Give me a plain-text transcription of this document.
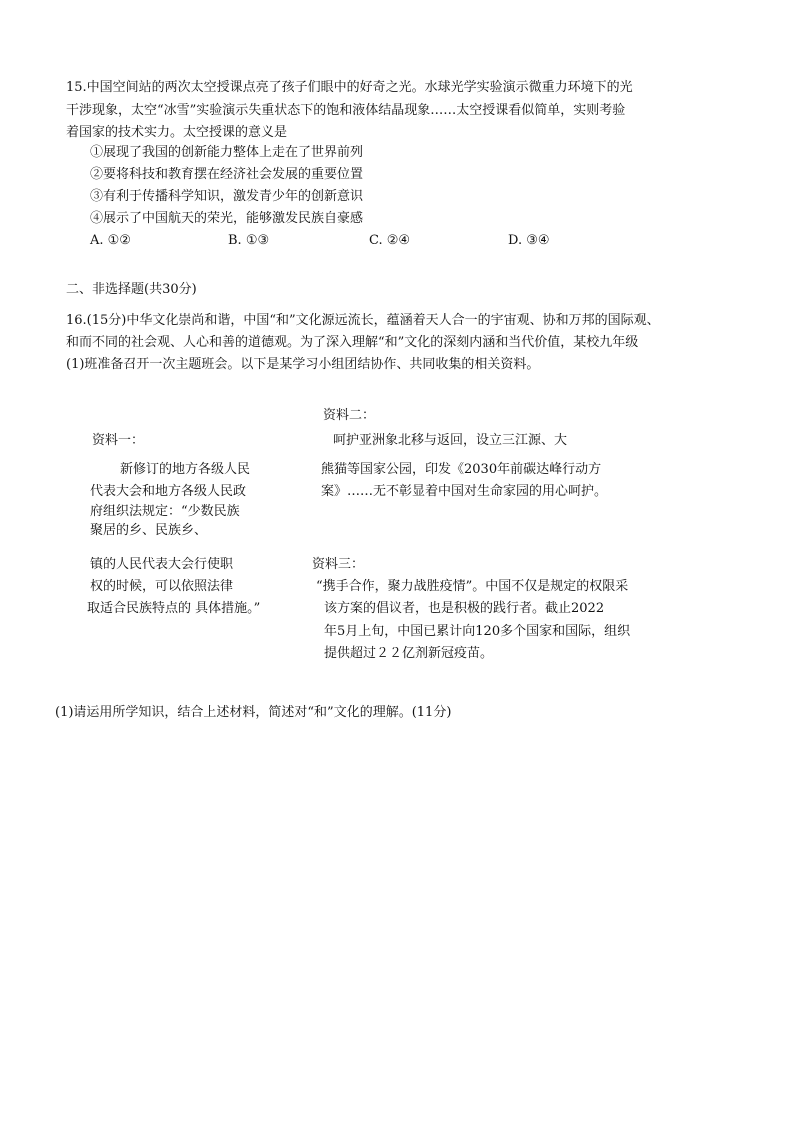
15.中国空间站的两次太空授课点亮了孩子们眼中的好奇之光。水球光学实验演示微重力环境下的光
干涉现象，太空“冰雪”实验演示失重状态下的饱和液体结晶现象……太空授课看似简单，实则考验
着国家的技术实力。太空授课的意义是
①展现了我国的创新能力整体上走在了世界前列
②要将科技和教育摆在经济社会发展的重要位置
③有利于传播科学知识，激发青少年的创新意识
④展示了中国航天的荣光，能够激发民族自豪感
A. ①②	B. ①③	C. ②④	D. ③④
二、非选择题(共30分)
16.(15分)中华文化崇尚和谐，中国“和”文化源远流长，蕴涵着天人合一的宇宙观、协和万邦的国际观、
和而不同的社会观、人心和善的道德观。为了深入理解“和”文化的深刻内涵和当代价值，某校九年级
(1)班准备召开一次主题班会。以下是某学习小组团结协作、共同收集的相关资料。
资料二：
资料一：
新修订的地方各级人民
代表大会和地方各级人民政
府组织法规定：“少数民族
聚居的乡、民族乡、
镇的人民代表大会行使职
权的时候，可以依照法律
取适合民族特点的 具体措施。”
呵护亚洲象北移与返回，设立三江源、大
熊猫等国家公园，印发《2030年前碳达峰行动方
案》……无不彰显着中国对生命家园的用心呵护。
资料三：
“携手合作，聚力战胜疫情”。中国不仅是规定的权限采
该方案的倡议者，也是积极的践行者。截止2022
年5月上旬，中国已累计向120多个国家和国际，组织
提供超过２２亿剂新冠疫苗。
(1)请运用所学知识，结合上述材料，简述对“和”文化的理解。(11分)
